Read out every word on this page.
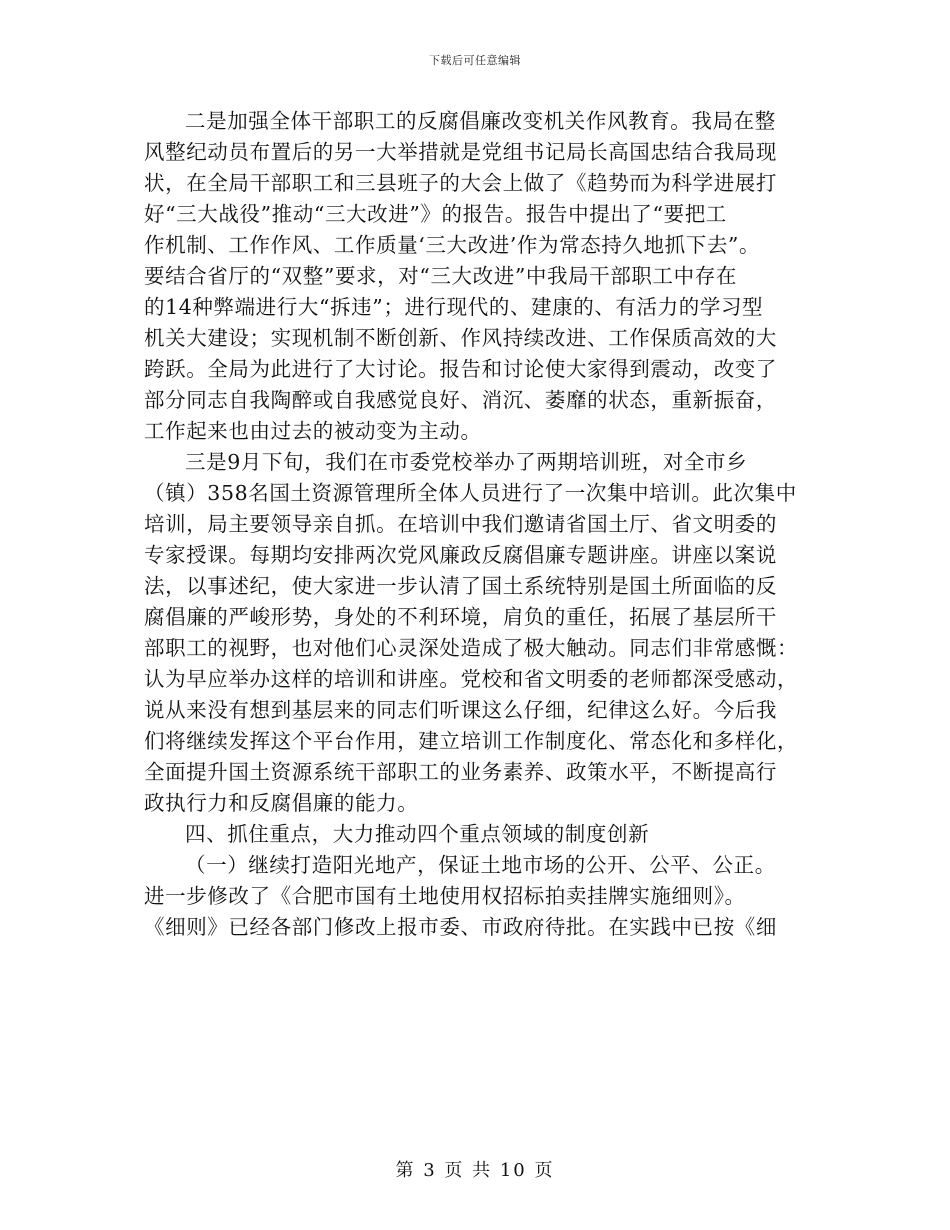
下载后可任意编辑

二是加强全体干部职工的反腐倡廉改变机关作风教育。我局在整
风整纪动员布置后的另一大举措就是党组书记局长高国忠结合我局现
状，在全局干部职工和三县班子的大会上做了《趋势而为科学进展打
好“三大战役”推动“三大改进”》的报告。报告中提出了“要把工
作机制、工作作风、工作质量‘三大改进’作为常态持久地抓下去”。
要结合省厅的“双整”要求，对“三大改进”中我局干部职工中存在
的14种弊端进行大“拆违”；进行现代的、建康的、有活力的学习型
机关大建设；实现机制不断创新、作风持续改进、工作保质高效的大
跨跃。全局为此进行了大讨论。报告和讨论使大家得到震动，改变了
部分同志自我陶醉或自我感觉良好、消沉、萎靡的状态，重新振奋，
工作起来也由过去的被动变为主动。

三是9月下旬，我们在市委党校举办了两期培训班，对全市乡
（镇）358名国土资源管理所全体人员进行了一次集中培训。此次集中
培训，局主要领导亲自抓。在培训中我们邀请省国土厅、省文明委的
专家授课。每期均安排两次党风廉政反腐倡廉专题讲座。讲座以案说
法，以事述纪，使大家进一步认清了国土系统特别是国土所面临的反
腐倡廉的严峻形势，身处的不利环境，肩负的重任，拓展了基层所干
部职工的视野，也对他们心灵深处造成了极大触动。同志们非常感慨：
认为早应举办这样的培训和讲座。党校和省文明委的老师都深受感动，
说从来没有想到基层来的同志们听课这么仔细，纪律这么好。今后我
们将继续发挥这个平台作用，建立培训工作制度化、常态化和多样化，
全面提升国土资源系统干部职工的业务素养、政策水平，不断提高行
政执行力和反腐倡廉的能力。

四、抓住重点，大力推动四个重点领域的制度创新

（一）继续打造阳光地产，保证土地市场的公开、公平、公正。
进一步修改了《合肥市国有土地使用权招标拍卖挂牌实施细则》。
《细则》已经各部门修改上报市委、市政府待批。在实践中已按《细

第 3 页 共 10 页
